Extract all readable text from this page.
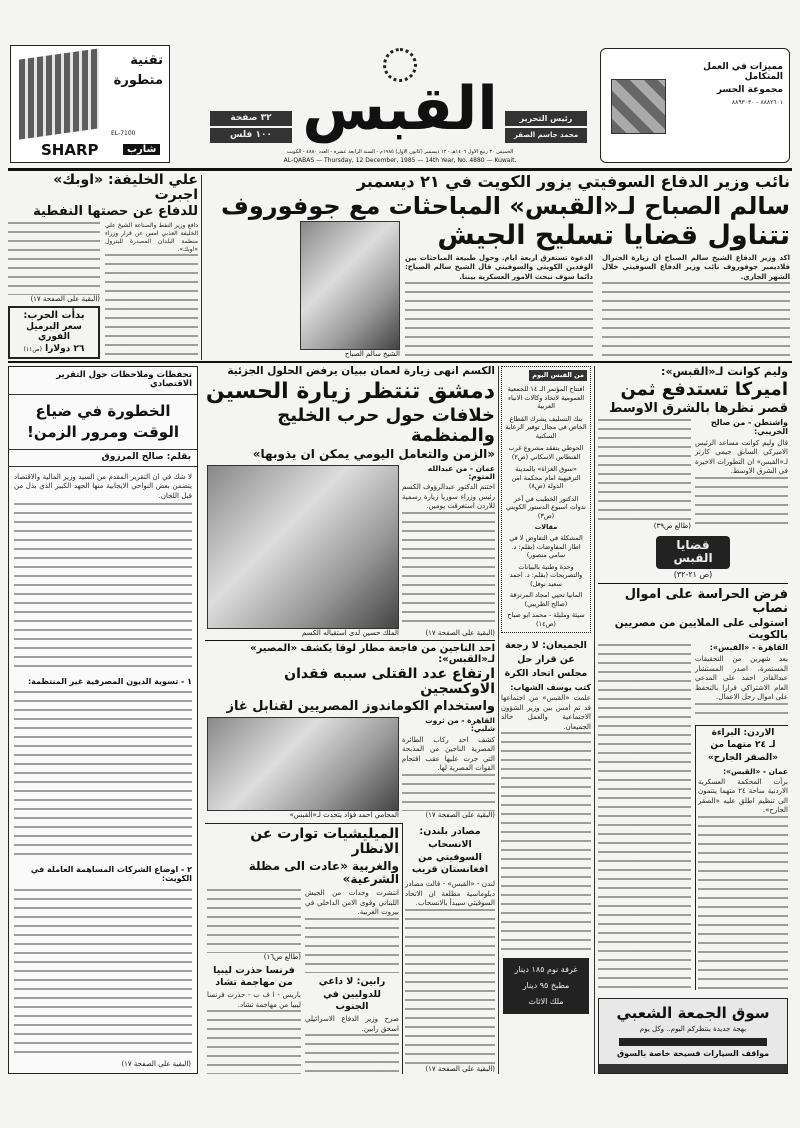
تقنية
متطورة
EL-7100
SHARP	شارب
٣٢ صفحة
١٠٠ فلس القبس	رئيس التحرير
محمد جاسم الصقر
الخميس ٣٠ ربيع الاول ١٤٠٦هـ - ١٢ ديسمبر (كانون الاول) ١٩٨٥م - السنة الرابعة عشرة - العدد ٤٨٨٠ - الكويت
AL-QABAS — Thursday, 12 December, 1985 — 14th Year, No. 4880 — Kuwait.
مميزات في العمل المتكامل
مجموعة الجسر
٨٨٨٢٦٠١ - ٨٨٩٣٠٣٠
نائب وزير الدفاع السوفيتي يزور الكويت في ٢١ ديسمبر
سالم الصباح لـ«القبس» المباحثات مع جوفوروف
الشيخ سالم الصباح
تتناول قضايا تسليح الجيش
الدعوة تستغرق اربعة ايام. وحول طبيعة المباحثات بين الوفدين الكويتي والسوفيتي قال الشيخ سالم الصباح: دائما سوف نبحث الامور العسكرية بيننا.
اكد وزير الدفاع الشيخ سالم الصباح ان زيارة الجنرال فلاديمير جوفوروف نائب وزير الدفاع السوفيتي خلال الشهر الجاري.
علي الخليفة: «اوبك» اجبرت
للدفاع عن حصتها النفطية
(البقية على الصفحة ١٧)
بدأت الحرب:
سعر البرميل الفوري
٢٦ دولارا (ص١١)
دافع وزير النفط والصناعة الشيخ علي الخليفة العذبي امس عن قرار وزراء منظمة البلدان المصدرة للبترول «اوبك».
تحفظات وملاحظات حول التقرير الاقتصادي
الخطورة في ضياع الوقت ومرور الزمن!
بقلم: صالح المرزوق
لا شك في ان التقرير المقدم من السيد وزير المالية والاقتصاد يتضمن بعض النواحي الايجابية منها الجهد الكبير الذي بذل من قبل اللجان.
١ - تسوية الديون المصرفية غير المنتظمة:
٢ - اوضاع الشركات المساهمة العاملة في الكويت:
(البقية على الصفحة ١٧)
الكسم انهى زيارة لعمان ببيان يرفض الحلول الجزئية
دمشق تنتظر زيارة الحسين
خلافات حول حرب الخليج والمنظمة
«الزمن والتعامل اليومي يمكن ان يذوبها»
الملك حسين لدى استقباله الكسم
عمان - من عبدالله المتوم:
اختتم الدكتور عبدالرؤوف الكسم رئيس وزراء سوريا زيارة رسمية للاردن استغرقت يومين.
(البقية على الصفحة ١٧)
احد الناجين من فاجعة مطار لوقا يكشف «المصير» لـ«القبس»:
ارتفاع عدد القتلى سببه فقدان الاوكسجين
واستخدام الكوماندوز المصريين لقنابل غاز
المحامي احمد فؤاد يتحدث لـ«القبس»
القاهرة - من ثروت شلبي:
كشف احد ركاب الطائرة المصرية الناجين من المذبحة التي جرت عليها عقب اقتحام القوات المصرية لها.
(البقية على الصفحة ١٧)
الميليشيات توارت عن الانظار
والغربية «عادت الى مظلة الشرعية»
(طالع ص١٦)
فرنسا حذرت ليبيا من مهاجمة تشاد
باريس - ا ف ب - حذرت فرنسا ليبيا من مهاجمة تشاد.
انتشرت وحدات من الجيش اللبناني وقوى الامن الداخلي في بيروت الغربية.
رابين: لا داعي للدوليين في الجنوب
صرح وزير الدفاع الاسرائيلي اسحق رابين.
مصادر بلندن: الانسحاب السوفيتي من افغانستان قريب
لندن - «القبس» - قالت مصادر دبلوماسية مطلعة ان الاتحاد السوفيتي سيبدأ بالانسحاب.
(البقية على الصفحة ١٧)
من القبس اليوم
افتتاح المؤتمر الـ ١٤ للجمعية العمومية لاتحاد وكالات الانباء العربية
بنك التسليف يشرك القطاع الخاص في مجال توفير الرعاية السكنية
الحوطي يتفقد مشروع غرب الفنطاس الاسكاني (ص٢)
«سوق الغزاة» بالمدينة الترفيهية امام محكمة امن الدولة (ص٨)
الدكتور الخطيب في آخر ندوات اسبوع الدستور الكويتي (ص٣)
مقالات
المشكلة في التفاوض لا في اطار المفاوضات (بقلم: د. سامي منصور)
وحدة وطنية بالبيانات والتصريحات (بقلم: د. احمد سعيد نوفل)
المانيا تحيي امجاد المرتزقة (صالح الطريبي)
سيئة وملبلة - محمد ابو صباح (ص١٤)
الجميعان: لا رجعة عن قرار حل مجلس اتحاد الكرة
كتب يوسف الشهاب:
علمت «القبس» من اجتماعها قد تم امس بين وزير الشؤون الاجتماعية والعمل خالد الجميعان.
غرفة نوم ١٨٥ دينار
مطبخ ٩٥ دينار
ملك الاثاث
وليم كوانت لـ«القبس»:
اميركا تستدفع ثمن
قصر نظرها بالشرق الاوسط
(طالع ص٣٩)
واشنطن - من صالح الخريبي:
قال وليم كوانت مساعد الرئيس الاميركي السابق جيمي كارتر لـ«القبس» ان التطورات الاخيرة في الشرق الاوسط.
قضايا
القبس
(ص ٢١-٣٢)
فرض الحراسة على اموال نصاب
استولى على الملايين من مصريين بالكويت
القاهرة - «القبس»:
بعد شهرين من التحقيقات المستمرة، اصدر المستشار عبدالقادر احمد علي المدعي العام الاشتراكي قرارا بالتحفظ على اموال رجل الاعمال.
الاردن: البراءة
لـ ٢٤ متهما من «الصقر الجارح»
عمان - «القبس»:
برأت المحكمة العسكرية الاردنية ساحة ٢٤ متهما ينتمون الى تنظيم اطلق عليه «الصقر الجارح».
سوق الجمعة الشعبي
بهجة جديدة ينتظركم اليوم.. وكل يوم
مواقف السيارات فسيحة خاصة بالسوق
